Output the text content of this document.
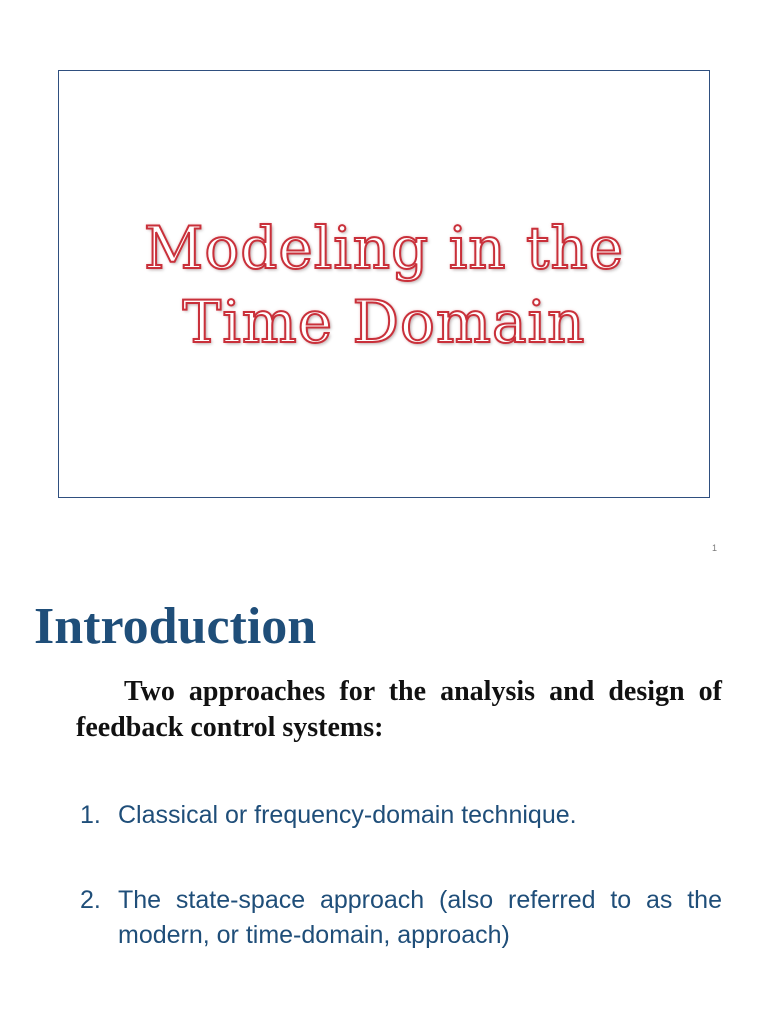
Modeling in the
Time Domain
1
Introduction

Two approaches for the analysis and design of feedback control systems:

1. Classical or frequency-domain technique.
2. The state-space approach (also referred to as the modern, or time-domain, approach)
